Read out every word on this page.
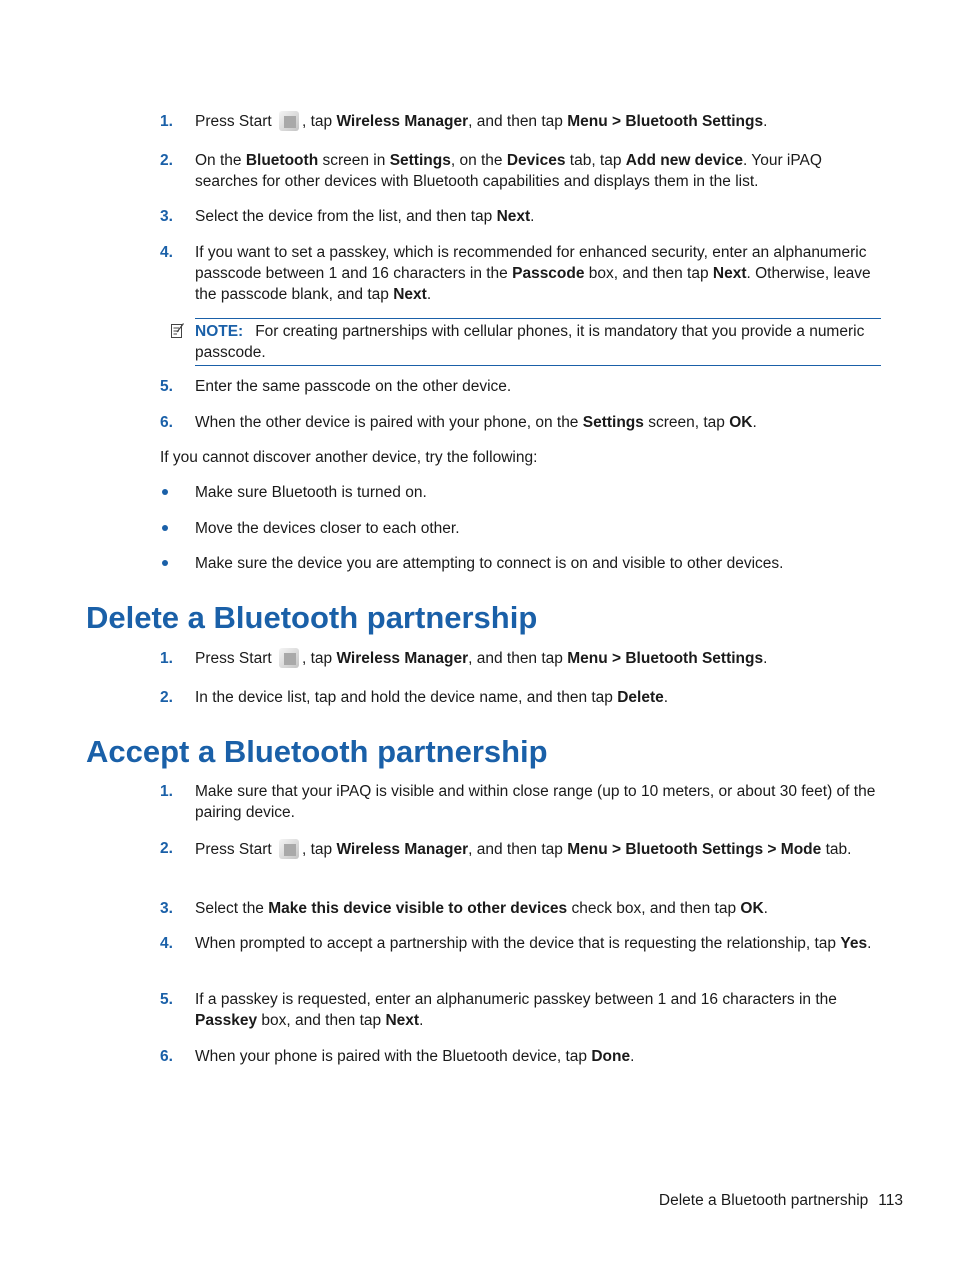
1. Press Start
, tap Wireless Manager, and then tap Menu > Bluetooth Settings.
2. On the Bluetooth screen in Settings, on the Devices tab, tap Add new device. Your iPAQ searches for other devices with Bluetooth capabilities and displays them in the list.
3. Select the device from the list, and then tap Next.
4. If you want to set a passkey, which is recommended for enhanced security, enter an alphanumeric passcode between 1 and 16 characters in the Passcode box, and then tap Next. Otherwise, leave the passcode blank, and tap Next.
NOTE: For creating partnerships with cellular phones, it is mandatory that you provide a numeric passcode.
5. Enter the same passcode on the other device.
6. When the other device is paired with your phone, on the Settings screen, tap OK.
If you cannot discover another device, try the following:
Make sure Bluetooth is turned on.
Move the devices closer to each other.
Make sure the device you are attempting to connect is on and visible to other devices.
Delete a Bluetooth partnership
1. Press Start
, tap Wireless Manager, and then tap Menu > Bluetooth Settings.
2. In the device list, tap and hold the device name, and then tap Delete.
Accept a Bluetooth partnership
1. Make sure that your iPAQ is visible and within close range (up to 10 meters, or about 30 feet) of the pairing device.
2. Press Start
, tap Wireless Manager, and then tap Menu > Bluetooth Settings > Mode tab.
3. Select the Make this device visible to other devices check box, and then tap OK.
4. When prompted to accept a partnership with the device that is requesting the relationship, tap Yes.
5. If a passkey is requested, enter an alphanumeric passkey between 1 and 16 characters in the Passkey box, and then tap Next.
6. When your phone is paired with the Bluetooth device, tap Done.
Delete a Bluetooth partnership 113
